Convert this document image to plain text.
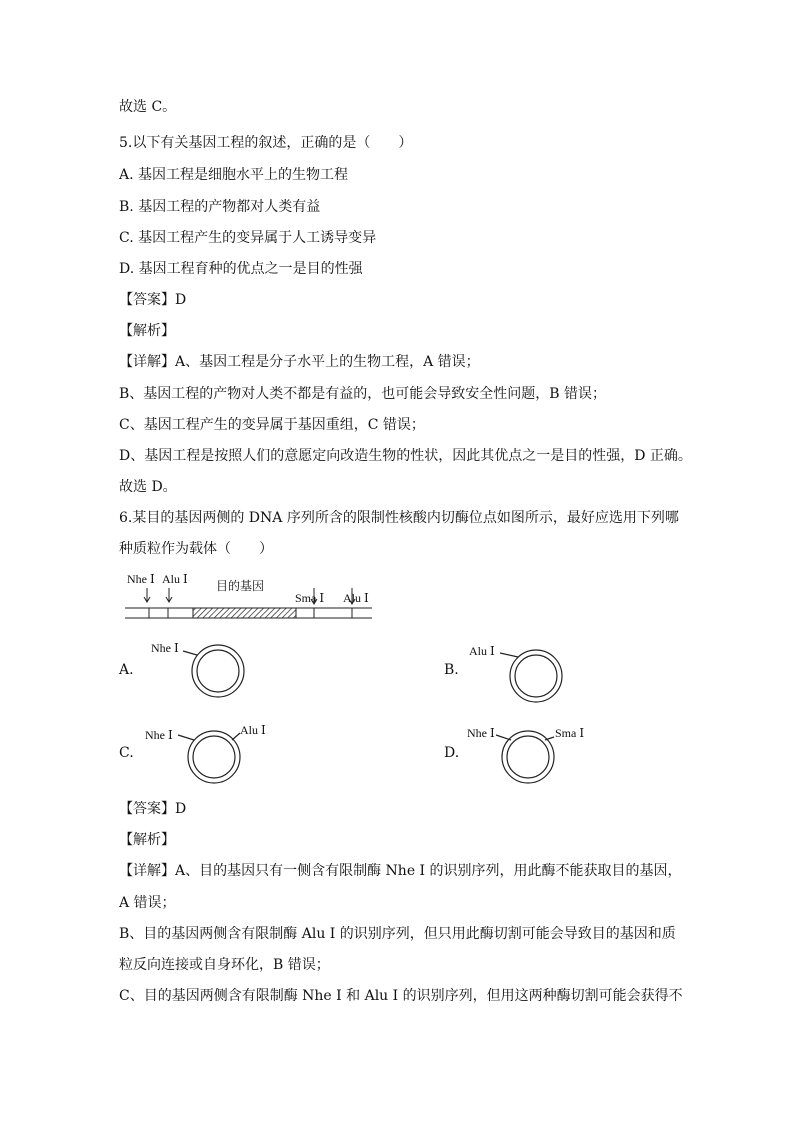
故选 C。
5.以下有关基因工程的叙述，正确的是（　　）
A. 基因工程是细胞水平上的生物工程
B. 基因工程的产物都对人类有益
C. 基因工程产生的变异属于人工诱导变异
D. 基因工程育种的优点之一是目的性强
【答案】D
【解析】
【详解】A、基因工程是分子水平上的生物工程，A 错误；
B、基因工程的产物对人类不都是有益的，也可能会导致安全性问题，B 错误；
C、基因工程产生的变异属于基因重组，C 错误；
D、基因工程是按照人们的意愿定向改造生物的性状，因此其优点之一是目的性强，D 正确。
故选 D。
6.某目的基因两侧的 DNA 序列所含的限制性核酸内切酶位点如图所示，最好应选用下列哪
种质粒作为载体（　　）
Nhe Ⅰ Alu Ⅰ 目的基因
Sma Ⅰ Alu Ⅰ
A.
Nhe Ⅰ
B.
Alu Ⅰ
C.
Nhe Ⅰ	Alu Ⅰ
D.
Nhe Ⅰ	Sma Ⅰ
【答案】D
【解析】
【详解】A、目的基因只有一侧含有限制酶 Nhe Ⅰ 的识别序列，用此酶不能获取目的基因，
A 错误；
B、目的基因两侧含有限制酶 Alu Ⅰ 的识别序列，但只用此酶切割可能会导致目的基因和质
粒反向连接或自身环化，B 错误；
C、目的基因两侧含有限制酶 Nhe Ⅰ 和 Alu Ⅰ 的识别序列，但用这两种酶切割可能会获得不
